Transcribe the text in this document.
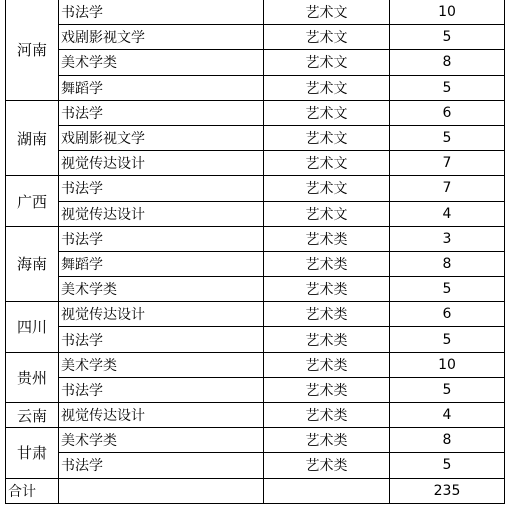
河南	书法学	艺术文	10
	戏剧影视文学	艺术文	5
	美术学类	艺术文	8
	舞蹈学	艺术文	5
湖南	书法学	艺术文	6
	戏剧影视文学	艺术文	5
	视觉传达设计	艺术文	7
广西	书法学	艺术文	7
	视觉传达设计	艺术文	4
海南	书法学	艺术类	3
	舞蹈学	艺术类	8
	美术学类	艺术类	5
四川	视觉传达设计	艺术类	6
	书法学	艺术类	5
贵州	美术学类	艺术类	10
	书法学	艺术类	5
云南	视觉传达设计	艺术类	4
甘肃	美术学类	艺术类	8
	书法学	艺术类	5
合计			235
